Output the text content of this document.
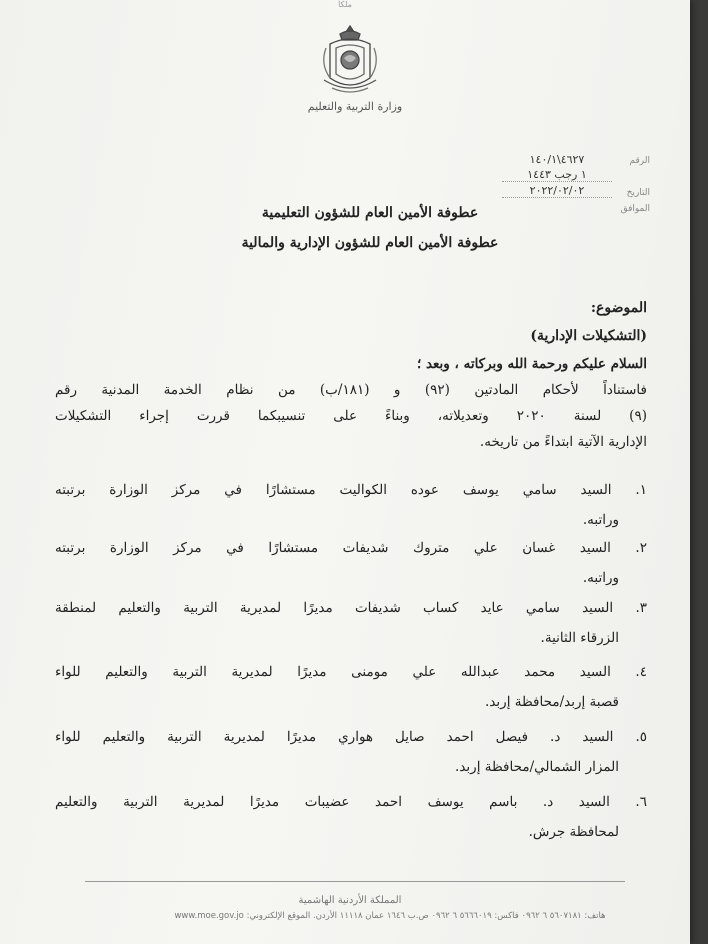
ملكاً
وزارة التربية والتعليم
الرقم
٤٦٢٧\١٤٠/١
١ رجب ١٤٤٣
التاريخ
٢٠٢٢/٠٢/٠٢
الموافق
عطوفة الأمين العام للشؤون التعليمية
عطوفة الأمين العام للشؤون الإدارية والمالية
الموضوع:
(التشكيلات الإدارية)
السلام عليكم ورحمة الله وبركاته ، وبعد ؛
فاستناداً لأحكام المادتين (٩٢) و (١٨١/ب) من نظام الخدمة المدنية رقم
(٩) لسنة ٢٠٢٠ وتعديلاته، وبناءً على تنسيبكما قررت إجراء التشكيلات
الإدارية الآتية ابتداءً من تاريخه.
١. السيد سامي يوسف عوده الكواليت مستشارًا في مركز الوزارة برتبته
وراتبه.
٢. السيد غسان علي متروك شديفات مستشارًا في مركز الوزارة برتبته
وراتبه.
٣. السيد سامي عايد كساب شديفات مديرًا لمديرية التربية والتعليم لمنطقة
الزرقاء الثانية.
٤. السيد محمد عبدالله علي مومنى مديرًا لمديرية التربية والتعليم للواء
قصبة إربد/محافظة إربد.
٥. السيد د. فيصل احمد صايل هواري مديرًا لمديرية التربية والتعليم للواء
المزار الشمالي/محافظة إربد.
٦. السيد د. باسم يوسف احمد عضيبات مديرًا لمديرية التربية والتعليم
لمحافظة جرش.
المملكة الأردنية الهاشمية
هاتف: ٥٦٠٧١٨١ ٦ ٠٩٦٢ فاكس: ٥٦٦٦٠١٩ ٦ ٠٩٦٢ ص.ب ١٦٤٦ عمان ١١١١٨ الأردن. الموقع الإلكتروني: www.moe.gov.jo
